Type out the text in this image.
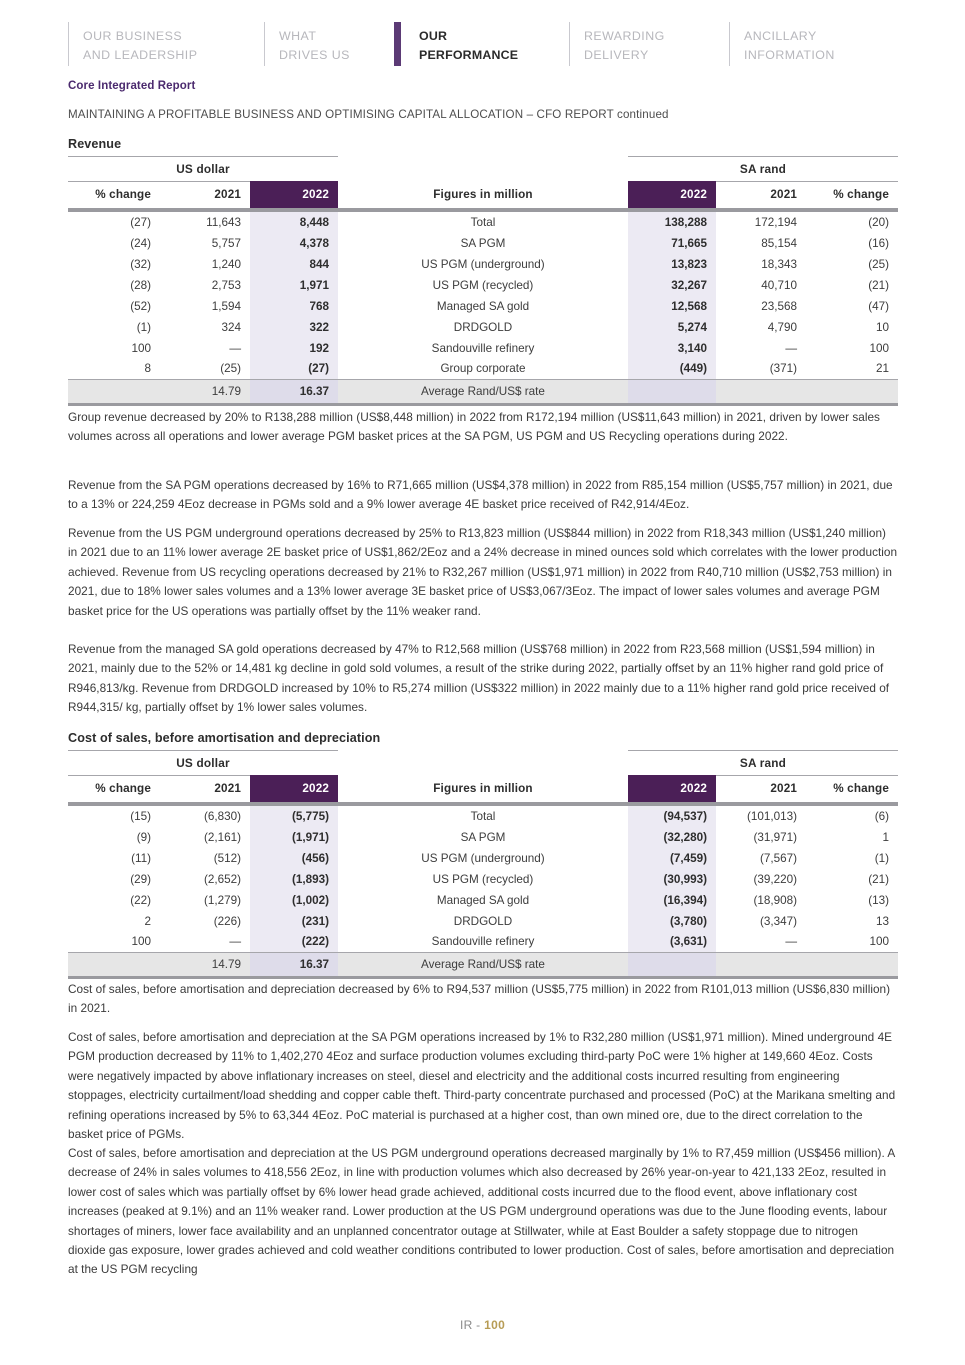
OUR BUSINESS
AND LEADERSHIP
WHAT
DRIVES US
OUR
PERFORMANCE
REWARDING
DELIVERY
ANCILLARY
INFORMATION
Core Integrated Report
MAINTAINING A PROFITABLE BUSINESS AND OPTIMISING CAPITAL ALLOCATION – CFO REPORT continued
Revenue
US dollar						SA rand		
% change	2021	2022		Figures in million		2022	2021	% change

(27)	11,643	8,448		Total		138,288	172,194	(20)
(24)	5,757	4,378		SA PGM		71,665	85,154	(16)
(32)	1,240	844		US PGM (underground)		13,823	18,343	(25)
(28)	2,753	1,971		US PGM (recycled)		32,267	40,710	(21)
(52)	1,594	768		Managed SA gold		12,568	23,568	(47)
(1)	324	322		DRDGOLD		5,274	4,790	10
100	—	192		Sandouville refinery		3,140	—	100
8	(25)	(27)		Group corporate		(449)	(371)	21
	14.79	16.37		Average Rand/US$ rate				

Group revenue decreased by 20% to R138,288 million (US$8,448 million) in 2022 from R172,194 million (US$11,643 million) in 2021, driven by lower sales volumes across all operations and lower average PGM basket prices at the SA PGM, US PGM and US Recycling operations during 2022.
Revenue from the SA PGM operations decreased by 16% to R71,665 million (US$4,378 million) in 2022 from R85,154 million (US$5,757 million) in 2021, due to a 13% or 224,259 4Eoz decrease in PGMs sold and a 9% lower average 4E basket price received of R42,914/4Eoz.
Revenue from the US PGM underground operations decreased by 25% to R13,823 million (US$844 million) in 2022 from R18,343 million (US$1,240 million) in 2021 due to an 11% lower average 2E basket price of US$1,862/2Eoz and a 24% decrease in mined ounces sold which correlates with the lower production achieved. Revenue from US recycling operations decreased by 21% to R32,267 million (US$1,971 million) in 2022 from R40,710 million (US$2,753 million) in 2021, due to 18% lower sales volumes and a 13% lower average 3E basket price of US$3,067/3Eoz. The impact of lower sales volumes and average PGM basket price for the US operations was partially offset by the 11% weaker rand.
Revenue from the managed SA gold operations decreased by 47% to R12,568 million (US$768 million) in 2022 from R23,568 million (US$1,594 million) in 2021, mainly due to the 52% or 14,481 kg decline in gold sold volumes, a result of the strike during 2022, partially offset by an 11% higher rand gold price of R946,813/kg. Revenue from DRDGOLD increased by 10% to R5,274 million (US$322 million) in 2022 mainly due to a 11% higher rand gold price received of R944,315/ kg, partially offset by 1% lower sales volumes.
Cost of sales, before amortisation and depreciation
US dollar						SA rand		
% change	2021	2022		Figures in million		2022	2021	% change

(15)	(6,830)	(5,775)		Total		(94,537)	(101,013)	(6)
(9)	(2,161)	(1,971)		SA PGM		(32,280)	(31,971)	1
(11)	(512)	(456)		US PGM (underground)		(7,459)	(7,567)	(1)
(29)	(2,652)	(1,893)		US PGM (recycled)		(30,993)	(39,220)	(21)
(22)	(1,279)	(1,002)		Managed SA gold		(16,394)	(18,908)	(13)
2	(226)	(231)		DRDGOLD		(3,780)	(3,347)	13
100	—	(222)		Sandouville refinery		(3,631)	—	100
	14.79	16.37		Average Rand/US$ rate				

Cost of sales, before amortisation and depreciation decreased by 6% to R94,537 million (US$5,775 million) in 2022 from R101,013 million (US$6,830 million) in 2021.
Cost of sales, before amortisation and depreciation at the SA PGM operations increased by 1% to R32,280 million (US$1,971 million). Mined underground 4E PGM production decreased by 11% to 1,402,270 4Eoz and surface production volumes excluding third-party PoC were 1% higher at 149,660 4Eoz. Costs were negatively impacted by above inflationary increases on steel, diesel and electricity and the additional costs incurred resulting from engineering stoppages, electricity curtailment/load shedding and copper cable theft. Third-party concentrate purchased and processed (PoC) at the Marikana smelting and refining operations increased by 5% to 63,344 4Eoz. PoC material is purchased at a higher cost, than own mined ore, due to the direct correlation to the basket price of PGMs.
Cost of sales, before amortisation and depreciation at the US PGM underground operations decreased marginally by 1% to R7,459 million (US$456 million). A decrease of 24% in sales volumes to 418,556 2Eoz, in line with production volumes which also decreased by 26% year-on-year to 421,133 2Eoz, resulted in lower cost of sales which was partially offset by 6% lower head grade achieved, additional costs incurred due to the flood event, above inflationary cost increases (peaked at 9.1%) and an 11% weaker rand. Lower production at the US PGM underground operations was due to the June flooding events, labour shortages of miners, lower face availability and an unplanned concentrator outage at Stillwater, while at East Boulder a safety stoppage due to nitrogen dioxide gas exposure, lower grades achieved and cold weather conditions contributed to lower production. Cost of sales, before amortisation and depreciation at the US PGM recycling
IR - 100
